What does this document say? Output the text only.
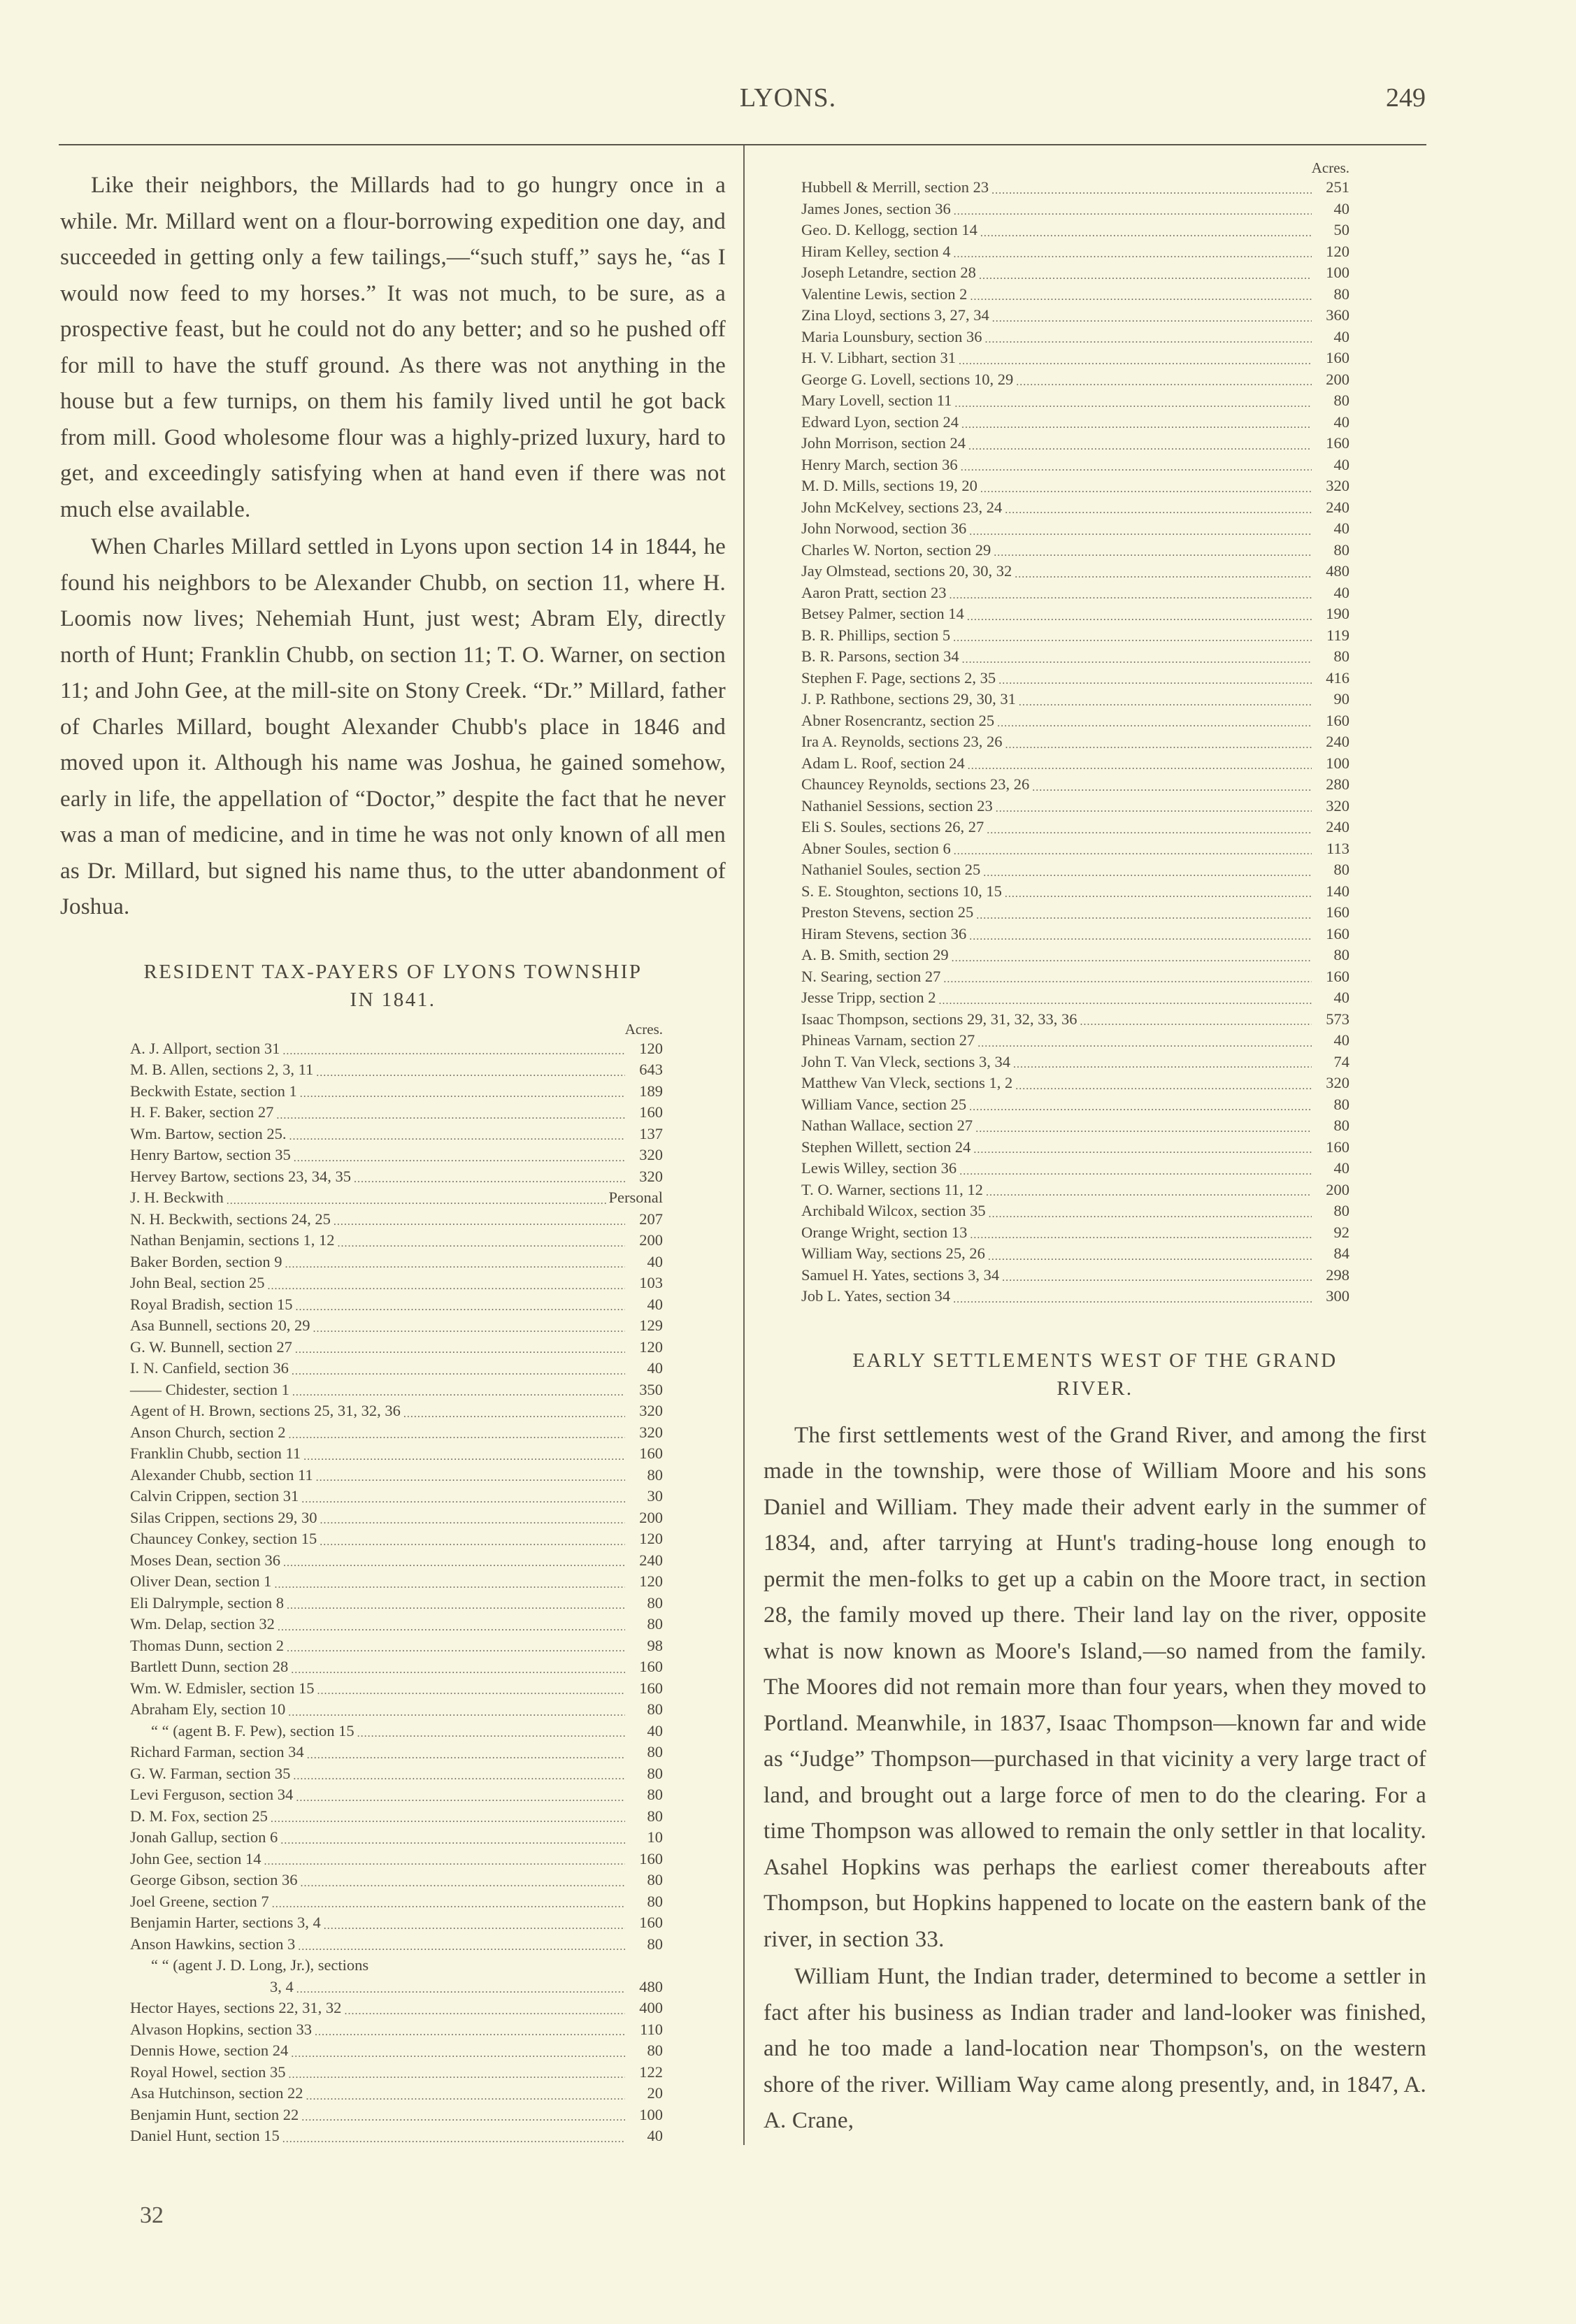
LYONS.	249

Like their neighbors, the Millards had to go hungry once in a while. Mr. Millard went on a flour-borrowing expedition one day, and succeeded in getting only a few tailings,—“such stuff,” says he, “as I would now feed to my horses.” It was not much, to be sure, as a prospective feast, but he could not do any better; and so he pushed off for mill to have the stuff ground. As there was not anything in the house but a few turnips, on them his family lived until he got back from mill. Good wholesome flour was a highly-prized luxury, hard to get, and exceedingly satisfying when at hand even if there was not much else available.

When Charles Millard settled in Lyons upon section 14 in 1844, he found his neighbors to be Alexander Chubb, on section 11, where H. Loomis now lives; Nehemiah Hunt, just west; Abram Ely, directly north of Hunt; Franklin Chubb, on section 11; T. O. Warner, on section 11; and John Gee, at the mill-site on Stony Creek. “Dr.” Millard, father of Charles Millard, bought Alexander Chubb's place in 1846 and moved upon it. Although his name was Joshua, he gained somehow, early in life, the appellation of “Doctor,” despite the fact that he never was a man of medicine, and in time he was not only known of all men as Dr. Millard, but signed his name thus, to the utter abandonment of Joshua.

RESIDENT TAX-PAYERS OF LYONS TOWNSHIP
IN 1841.

Acres.

A. J. Allport, section 31 .....	120
M. B. Allen, sections 2, 3, 11 .....	643
Beckwith Estate, section 1 .....	189
H. F. Baker, section 27 .....	160
Wm. Bartow, section 25. .....	137
Henry Bartow, section 35 .....	320
Hervey Bartow, sections 23, 34, 35 .....	320
J. H. Beckwith .....	Personal
N. H. Beckwith, sections 24, 25 .....	207
Nathan Benjamin, sections 1, 12 .....	200
Baker Borden, section 9 .....	40
John Beal, section 25 .....	103
Royal Bradish, section 15 .....	40
Asa Bunnell, sections 20, 29 .....	129
G. W. Bunnell, section 27 .....	120
I. N. Canfield, section 36 .....	40
—— Chidester, section 1 .....	350
Agent of H. Brown, sections 25, 31, 32, 36 .....	320
Anson Church, section 2 .....	320
Franklin Chubb, section 11 .....	160
Alexander Chubb, section 11 .....	80
Calvin Crippen, section 31 .....	30
Silas Crippen, sections 29, 30 .....	200
Chauncey Conkey, section 15 .....	120
Moses Dean, section 36 .....	240
Oliver Dean, section 1 .....	120
Eli Dalrymple, section 8 .....	80
Wm. Delap, section 32 .....	80
Thomas Dunn, section 2 .....	98
Bartlett Dunn, section 28 .....	160
Wm. W. Edmisler, section 15 .....	160
Abraham Ely, section 10 .....	80
“ “ (agent B. F. Pew), section 15 .....	40
Richard Farman, section 34 .....	80
G. W. Farman, section 35 .....	80
Levi Ferguson, section 34 .....	80
D. M. Fox, section 25 .....	80
Jonah Gallup, section 6 .....	10
John Gee, section 14 .....	160
George Gibson, section 36 .....	80
Joel Greene, section 7 .....	80
Benjamin Harter, sections 3, 4 .....	160
Anson Hawkins, section 3 .....	80
“ “ (agent J. D. Long, Jr.), sections
3, 4 .....	480
Hector Hayes, sections 22, 31, 32 .....	400
Alvason Hopkins, section 33 .....	110
Dennis Howe, section 24 .....	80
Royal Howel, section 35 .....	122
Asa Hutchinson, section 22 .....	20
Benjamin Hunt, section 22 .....	100
Daniel Hunt, section 15 .....	40
32

Acres.

Hubbell & Merrill, section 23 .....	251
James Jones, section 36 .....	40
Geo. D. Kellogg, section 14 .....	50
Hiram Kelley, section 4 .....	120
Joseph Letandre, section 28 .....	100
Valentine Lewis, section 2 .....	80
Zina Lloyd, sections 3, 27, 34 .....	360
Maria Lounsbury, section 36 .....	40
H. V. Libhart, section 31 .....	160
George G. Lovell, sections 10, 29 .....	200
Mary Lovell, section 11 .....	80
Edward Lyon, section 24 .....	40
John Morrison, section 24 .....	160
Henry March, section 36 .....	40
M. D. Mills, sections 19, 20 .....	320
John McKelvey, sections 23, 24 .....	240
John Norwood, section 36 .....	40
Charles W. Norton, section 29 .....	80
Jay Olmstead, sections 20, 30, 32 .....	480
Aaron Pratt, section 23 .....	40
Betsey Palmer, section 14 .....	190
B. R. Phillips, section 5 .....	119
B. R. Parsons, section 34 .....	80
Stephen F. Page, sections 2, 35 .....	416
J. P. Rathbone, sections 29, 30, 31 .....	90
Abner Rosencrantz, section 25 .....	160
Ira A. Reynolds, sections 23, 26 .....	240
Adam L. Roof, section 24 .....	100
Chauncey Reynolds, sections 23, 26 .....	280
Nathaniel Sessions, section 23 .....	320
Eli S. Soules, sections 26, 27 .....	240
Abner Soules, section 6 .....	113
Nathaniel Soules, section 25 .....	80
S. E. Stoughton, sections 10, 15 .....	140
Preston Stevens, section 25 .....	160
Hiram Stevens, section 36 .....	160
A. B. Smith, section 29 .....	80
N. Searing, section 27 .....	160
Jesse Tripp, section 2 .....	40
Isaac Thompson, sections 29, 31, 32, 33, 36 .....	573
Phineas Varnam, section 27 .....	40
John T. Van Vleck, sections 3, 34 .....	74
Matthew Van Vleck, sections 1, 2 .....	320
William Vance, section 25 .....	80
Nathan Wallace, section 27 .....	80
Stephen Willett, section 24 .....	160
Lewis Willey, section 36 .....	40
T. O. Warner, sections 11, 12 .....	200
Archibald Wilcox, section 35 .....	80
Orange Wright, section 13 .....	92
William Way, sections 25, 26 .....	84
Samuel H. Yates, sections 3, 34 .....	298
Job L. Yates, section 34 .....	300
EARLY SETTLEMENTS WEST OF THE GRAND
RIVER.

The first settlements west of the Grand River, and among the first made in the township, were those of William Moore and his sons Daniel and William. They made their advent early in the summer of 1834, and, after tarrying at Hunt's trading-house long enough to permit the men-folks to get up a cabin on the Moore tract, in section 28, the family moved up there. Their land lay on the river, opposite what is now known as Moore's Island,—so named from the family. The Moores did not remain more than four years, when they moved to Portland. Meanwhile, in 1837, Isaac Thompson—known far and wide as “Judge” Thompson—purchased in that vicinity a very large tract of land, and brought out a large force of men to do the clearing. For a time Thompson was allowed to remain the only settler in that locality. Asahel Hopkins was perhaps the earliest comer thereabouts after Thompson, but Hopkins happened to locate on the eastern bank of the river, in section 33.

William Hunt, the Indian trader, determined to become a settler in fact after his business as Indian trader and land-looker was finished, and he too made a land-location near Thompson's, on the western shore of the river. William Way came along presently, and, in 1847, A. A. Crane,
